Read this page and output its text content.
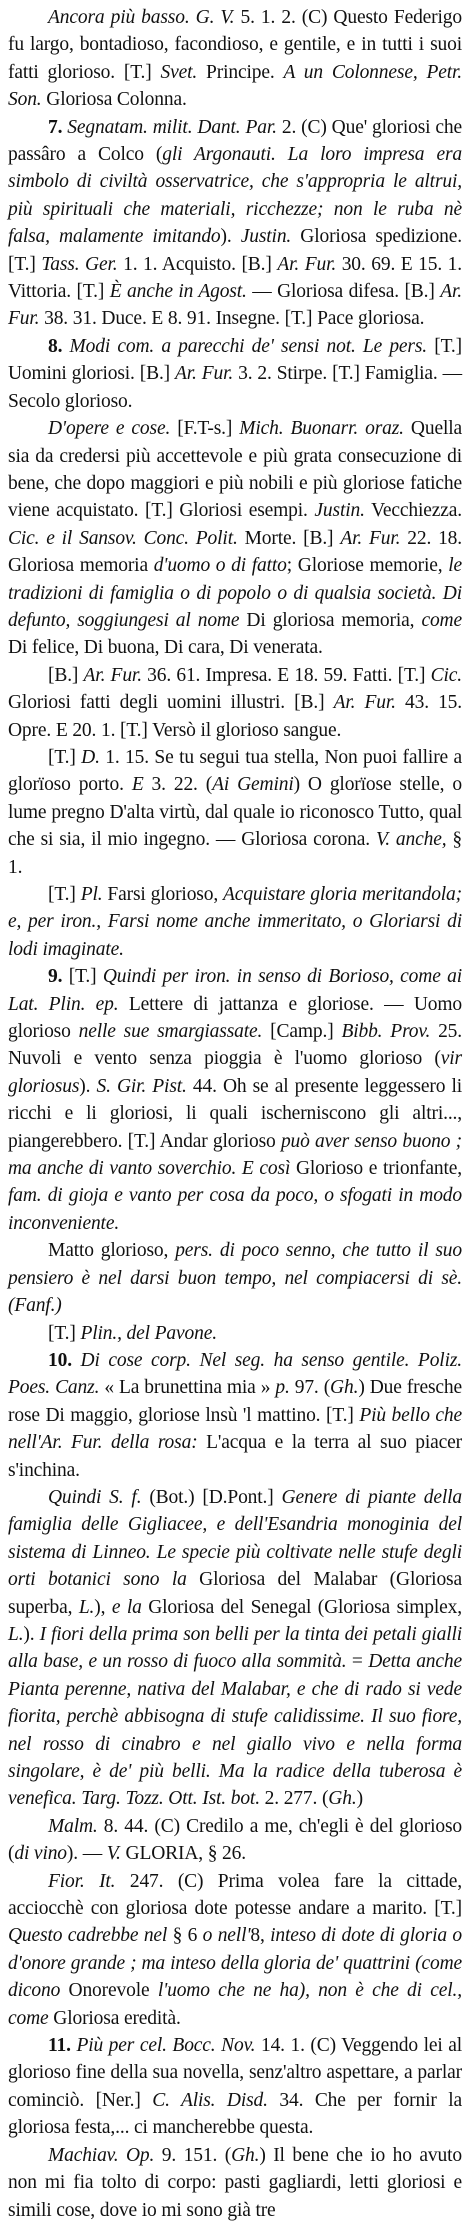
Ancora più basso. G. V. 5. 1. 2. (C) Questo Federigo fu largo, bontadioso, facondioso, e gentile, e in tutti i suoi fatti glorioso. [T.] Svet. Principe. A un Colonnese, Petr. Son. Gloriosa Colonna.

7. Segnatam. milit. Dant. Par. 2. (C) Que' gloriosi che passâro a Colco (gli Argonauti. La loro impresa era simbolo di civiltà osservatrice, che s'appropria le altrui, più spirituali che materiali, ricchezze; non le ruba nè falsa, malamente imitando). Justin. Gloriosa spedizione. [T.] Tass. Ger. 1. 1. Acquisto. [B.] Ar. Fur. 30. 69. E 15. 1. Vittoria. [T.] È anche in Agost. — Gloriosa difesa. [B.] Ar. Fur. 38. 31. Duce. E 8. 91. Insegne. [T.] Pace gloriosa.

8. Modi com. a parecchi de' sensi not. Le pers. [T.] Uomini gloriosi. [B.] Ar. Fur. 3. 2. Stirpe. [T.] Famiglia. — Secolo glorioso.

D'opere e cose. [F.T-s.] Mich. Buonarr. oraz. Quella sia da credersi più accettevole e più grata consecuzione di bene, che dopo maggiori e più nobili e più gloriose fatiche viene acquistato. [T.] Gloriosi esempi. Justin. Vecchiezza. Cic. e il Sansov. Conc. Polit. Morte. [B.] Ar. Fur. 22. 18. Gloriosa memoria d'uomo o di fatto; Gloriose memorie, le tradizioni di famiglia o di popolo o di qualsia società. Di defunto, soggiungesi al nome Di gloriosa memoria, come Di felice, Di buona, Di cara, Di venerata.

[B.] Ar. Fur. 36. 61. Impresa. E 18. 59. Fatti. [T.] Cic. Gloriosi fatti degli uomini illustri. [B.] Ar. Fur. 43. 15. Opre. E 20. 1. [T.] Versò il glorioso sangue.

[T.] D. 1. 15. Se tu segui tua stella, Non puoi fallire a glorïoso porto. E 3. 22. (Ai Gemini) O glorïose stelle, o lume pregno D'alta virtù, dal quale io riconosco Tutto, qual che si sia, il mio ingegno. — Gloriosa corona. V. anche, § 1.

[T.] Pl. Farsi glorioso, Acquistare gloria meritandola; e, per iron., Farsi nome anche immeritato, o Gloriarsi di lodi imaginate.

9. [T.] Quindi per iron. in senso di Borioso, come ai Lat. Plin. ep. Lettere di jattanza e gloriose. — Uomo glorioso nelle sue smargiassate. [Camp.] Bibb. Prov. 25. Nuvoli e vento senza pioggia è l'uomo glorioso (vir gloriosus). S. Gir. Pist. 44. Oh se al presente leggessero li ricchi e li gloriosi, li quali ischerniscono gli altri..., piangerebbero. [T.] Andar glorioso può aver senso buono ; ma anche di vanto soverchio. E così Glorioso e trionfante, fam. di gioja e vanto per cosa da poco, o sfogati in modo inconveniente.

Matto glorioso, pers. di poco senno, che tutto il suo pensiero è nel darsi buon tempo, nel compiacersi di sè. (Fanf.)

[T.] Plin., del Pavone.

10. Di cose corp. Nel seg. ha senso gentile. Poliz. Poes. Canz. « La brunettina mia » p. 97. (Gh.) Due fresche rose Di maggio, gloriose lnsù 'l mattino. [T.] Più bello che nell'Ar. Fur. della rosa: L'acqua e la terra al suo piacer s'inchina.

Quindi S. f. (Bot.) [D.Pont.] Genere di piante della famiglia delle Gigliacee, e dell'Esandria monoginia del sistema di Linneo. Le specie più coltivate nelle stufe degli orti botanici sono la Gloriosa del Malabar (Gloriosa superba, L.), e la Gloriosa del Senegal (Gloriosa simplex, L.). I fiori della prima son belli per la tinta dei petali gialli alla base, e un rosso di fuoco alla sommità. = Detta anche Pianta perenne, nativa del Malabar, e che di rado si vede fiorita, perchè abbisogna di stufe calidissime. Il suo fiore, nel rosso di cinabro e nel giallo vivo e nella forma singolare, è de' più belli. Ma la radice della tuberosa è venefica. Targ. Tozz. Ott. Ist. bot. 2. 277. (Gh.)

Malm. 8. 44. (C) Credilo a me, ch'egli è del glorioso (di vino). — V. GLORIA, § 26.

Fior. It. 247. (C) Prima volea fare la cittade, acciocchè con gloriosa dote potesse andare a marito. [T.] Questo cadrebbe nel § 6 o nell'8, inteso di dote di gloria o d'onore grande ; ma inteso della gloria de' quattrini (come dicono Onorevole l'uomo che ne ha), non è che di cel., come Gloriosa eredità.

11. Più per cel. Bocc. Nov. 14. 1. (C) Veggendo lei al glorioso fine della sua novella, senz'altro aspettare, a parlar cominciò. [Ner.] C. Alis. Disd. 34. Che per fornir la gloriosa festa,... ci mancherebbe questa.

Machiav. Op. 9. 151. (Gh.) Il bene che io ho avuto non mi fia tolto di corpo: pasti gagliardi, letti gloriosi e simili cose, dove io mi sono già tre
